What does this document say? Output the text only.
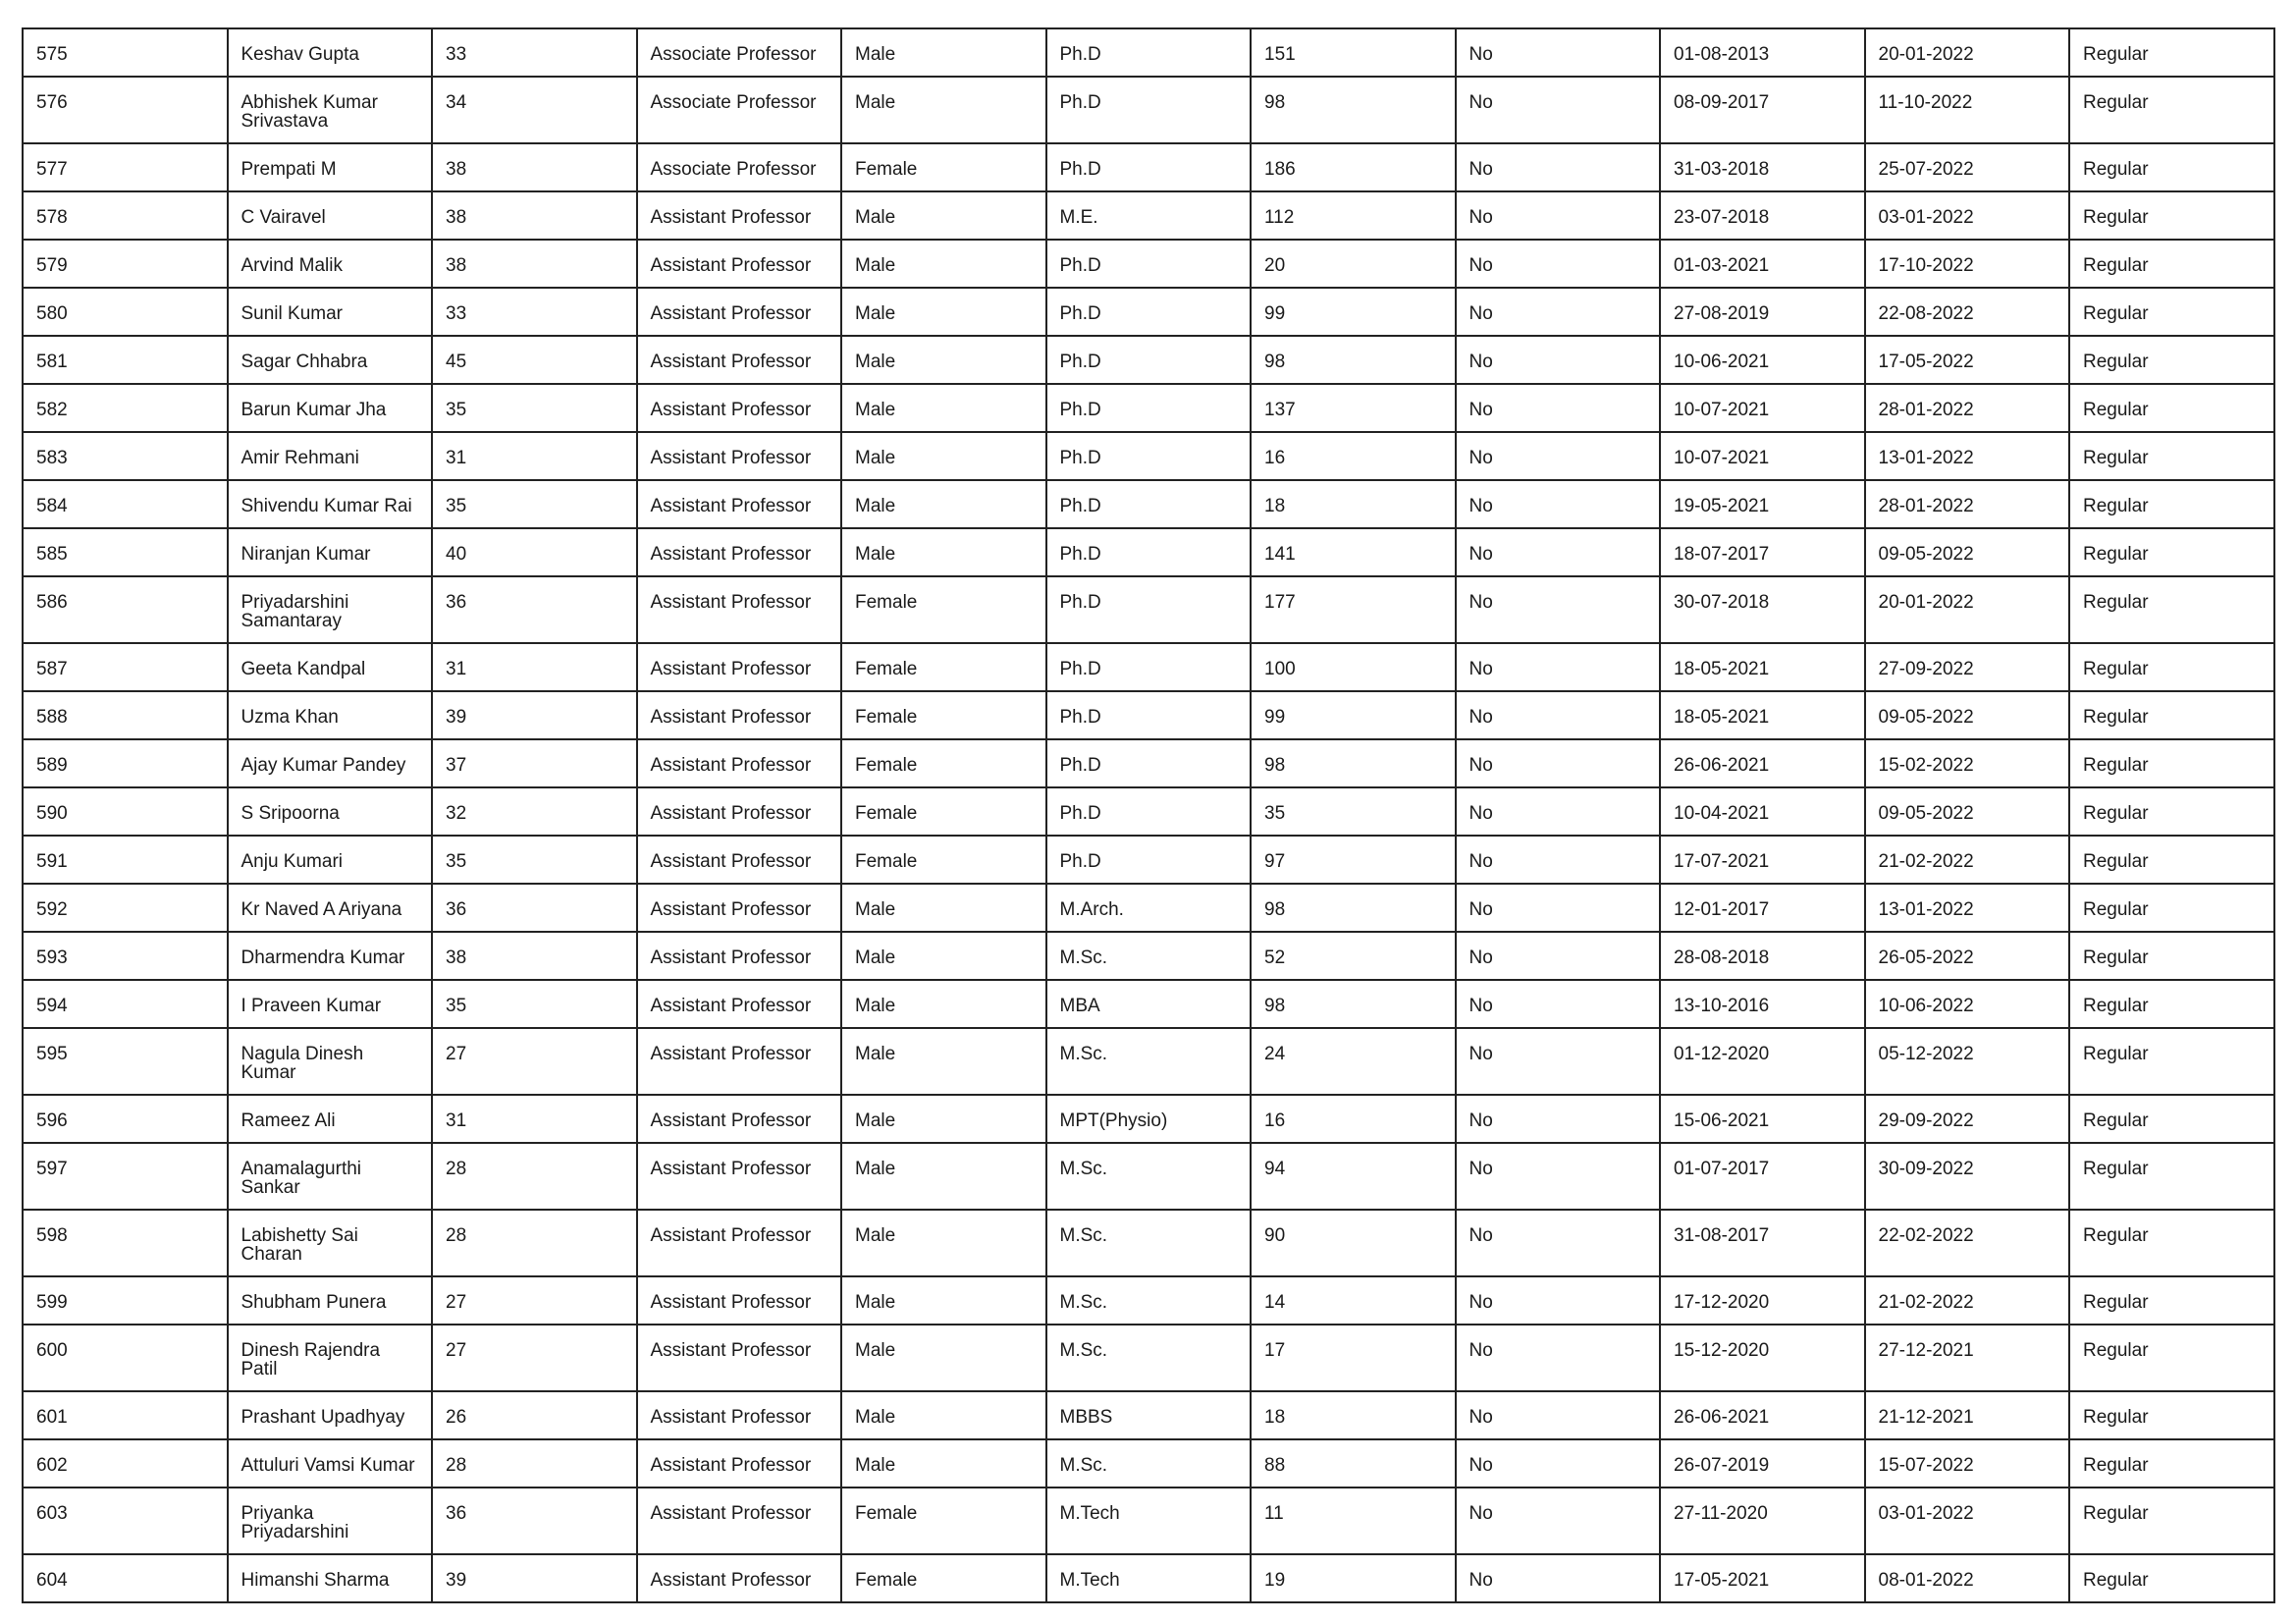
575	Keshav Gupta	33	Associate Professor	Male	Ph.D	151	No	01-08-2013	20-01-2022	Regular
576	Abhishek Kumar Srivastava	34	Associate Professor	Male	Ph.D	98	No	08-09-2017	11-10-2022	Regular
577	Prempati M	38	Associate Professor	Female	Ph.D	186	No	31-03-2018	25-07-2022	Regular
578	C Vairavel	38	Assistant Professor	Male	M.E.	112	No	23-07-2018	03-01-2022	Regular
579	Arvind Malik	38	Assistant Professor	Male	Ph.D	20	No	01-03-2021	17-10-2022	Regular
580	Sunil Kumar	33	Assistant Professor	Male	Ph.D	99	No	27-08-2019	22-08-2022	Regular
581	Sagar Chhabra	45	Assistant Professor	Male	Ph.D	98	No	10-06-2021	17-05-2022	Regular
582	Barun Kumar Jha	35	Assistant Professor	Male	Ph.D	137	No	10-07-2021	28-01-2022	Regular
583	Amir Rehmani	31	Assistant Professor	Male	Ph.D	16	No	10-07-2021	13-01-2022	Regular
584	Shivendu Kumar Rai	35	Assistant Professor	Male	Ph.D	18	No	19-05-2021	28-01-2022	Regular
585	Niranjan Kumar	40	Assistant Professor	Male	Ph.D	141	No	18-07-2017	09-05-2022	Regular
586	Priyadarshini Samantaray	36	Assistant Professor	Female	Ph.D	177	No	30-07-2018	20-01-2022	Regular
587	Geeta Kandpal	31	Assistant Professor	Female	Ph.D	100	No	18-05-2021	27-09-2022	Regular
588	Uzma Khan	39	Assistant Professor	Female	Ph.D	99	No	18-05-2021	09-05-2022	Regular
589	Ajay Kumar Pandey	37	Assistant Professor	Female	Ph.D	98	No	26-06-2021	15-02-2022	Regular
590	S Sripoorna	32	Assistant Professor	Female	Ph.D	35	No	10-04-2021	09-05-2022	Regular
591	Anju Kumari	35	Assistant Professor	Female	Ph.D	97	No	17-07-2021	21-02-2022	Regular
592	Kr Naved A Ariyana	36	Assistant Professor	Male	M.Arch.	98	No	12-01-2017	13-01-2022	Regular
593	Dharmendra Kumar	38	Assistant Professor	Male	M.Sc.	52	No	28-08-2018	26-05-2022	Regular
594	I Praveen Kumar	35	Assistant Professor	Male	MBA	98	No	13-10-2016	10-06-2022	Regular
595	Nagula Dinesh Kumar	27	Assistant Professor	Male	M.Sc.	24	No	01-12-2020	05-12-2022	Regular
596	Rameez Ali	31	Assistant Professor	Male	MPT(Physio)	16	No	15-06-2021	29-09-2022	Regular
597	Anamalagurthi Sankar	28	Assistant Professor	Male	M.Sc.	94	No	01-07-2017	30-09-2022	Regular
598	Labishetty Sai Charan	28	Assistant Professor	Male	M.Sc.	90	No	31-08-2017	22-02-2022	Regular
599	Shubham Punera	27	Assistant Professor	Male	M.Sc.	14	No	17-12-2020	21-02-2022	Regular
600	Dinesh Rajendra Patil	27	Assistant Professor	Male	M.Sc.	17	No	15-12-2020	27-12-2021	Regular
601	Prashant Upadhyay	26	Assistant Professor	Male	MBBS	18	No	26-06-2021	21-12-2021	Regular
602	Attuluri Vamsi Kumar	28	Assistant Professor	Male	M.Sc.	88	No	26-07-2019	15-07-2022	Regular
603	Priyanka Priyadarshini	36	Assistant Professor	Female	M.Tech	11	No	27-11-2020	03-01-2022	Regular
604	Himanshi Sharma	39	Assistant Professor	Female	M.Tech	19	No	17-05-2021	08-01-2022	Regular
